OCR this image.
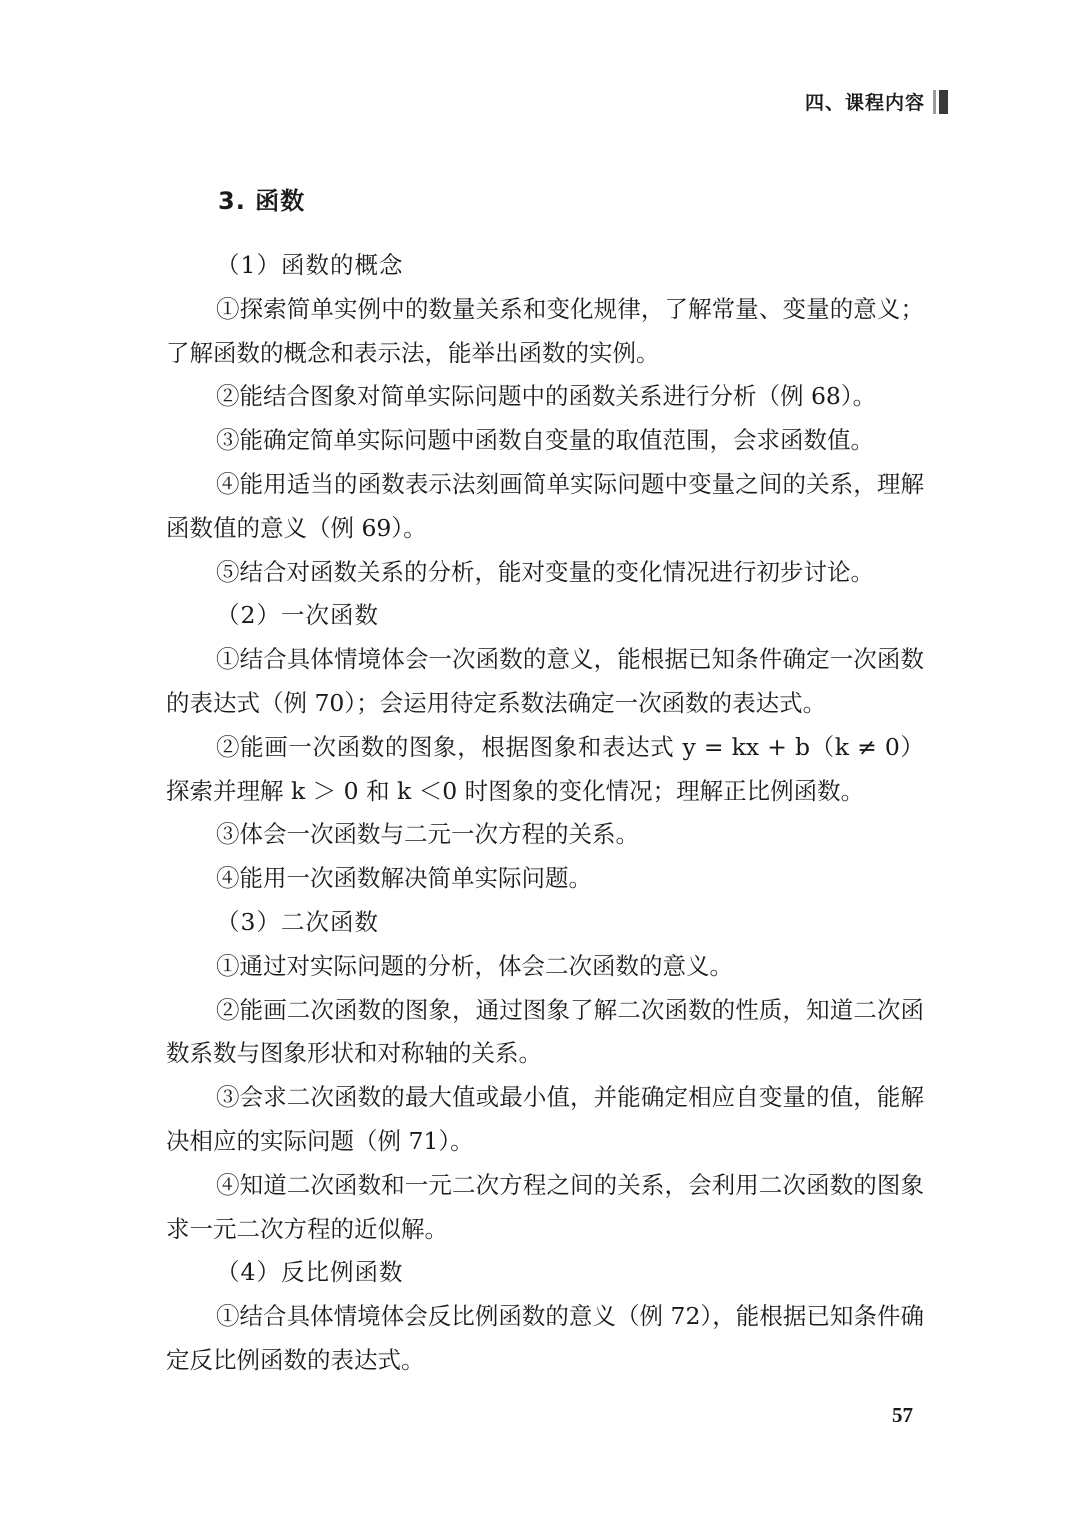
四、课程内容
3. 函数

（1）函数的概念

①探索简单实例中的数量关系和变化规律，了解常量、变量的意义；了解函数的概念和表示法，能举出函数的实例。

②能结合图象对简单实际问题中的函数关系进行分析（例 68）。

③能确定简单实际问题中函数自变量的取值范围，会求函数值。

④能用适当的函数表示法刻画简单实际问题中变量之间的关系，理解函数值的意义（例 69）。

⑤结合对函数关系的分析，能对变量的变化情况进行初步讨论。

（2）一次函数

①结合具体情境体会一次函数的意义，能根据已知条件确定一次函数的表达式（例 70）；会运用待定系数法确定一次函数的表达式。

②能画一次函数的图象，根据图象和表达式 y = kx + b（k ≠ 0）探索并理解 k ＞ 0 和 k ＜0 时图象的变化情况；理解正比例函数。

③体会一次函数与二元一次方程的关系。

④能用一次函数解决简单实际问题。

（3）二次函数

①通过对实际问题的分析，体会二次函数的意义。

②能画二次函数的图象，通过图象了解二次函数的性质，知道二次函数系数与图象形状和对称轴的关系。

③会求二次函数的最大值或最小值，并能确定相应自变量的值，能解决相应的实际问题（例 71）。

④知道二次函数和一元二次方程之间的关系，会利用二次函数的图象求一元二次方程的近似解。

（4）反比例函数

①结合具体情境体会反比例函数的意义（例 72），能根据已知条件确定反比例函数的表达式。

57
